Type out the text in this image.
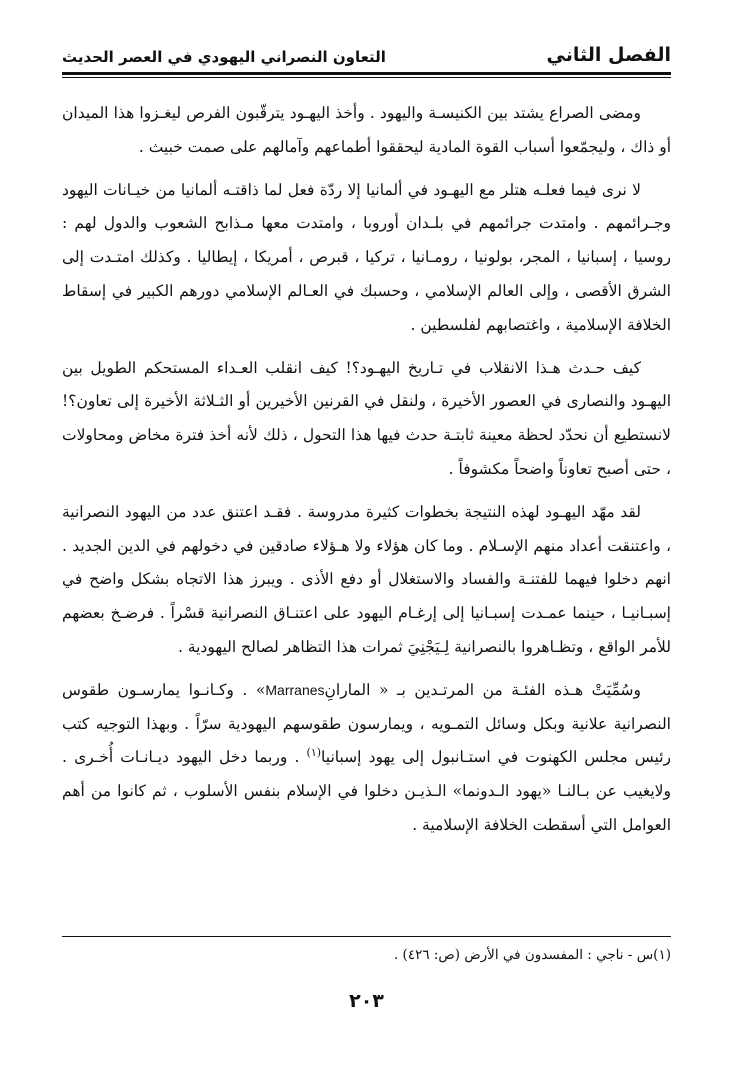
الفصل الثاني
التعاون النصراني اليهودي في العصر الحديث

ومضى الصراع يشتد بين الكنيسـة واليهود . وأخذ اليهـود يترقّبون الفرص ليغـزوا هذا الميدان أو ذاك ، وليجمّعوا أسباب القوة المادية ليحققوا أطماعهم وآمالهم على صمت خبيث .

لا نرى فيما فعلـه هتلر مع اليهـود في ألمانيا إلا ردّة فعل لما ذاقتـه ألمانيا من خيـانات اليهود وجـرائمهم . وامتدت جرائمهم في بلـدان أوروبا ، وامتدت معها مـذابح الشعوب والدول لهم : روسيا ، إسبانيا ، المجر، بولونيا ، رومـانيا ، تركيا ، قبرص ، أمريكا ، إيطاليا . وكذلك امتـدت إلى الشرق الأقصى ، وإلى العالم الإسلامي ، وحسبك في العـالم الإسلامي دورهم الكبير في إسقاط الخلافة الإسلامية ، واغتصابهم لفلسطين .

كيف حـدث هـذا الانقلاب في تـاريخ اليهـود؟! كيف انقلب العـداء المستحكم الطويل بين اليهـود والنصارى في العصور الأخيرة ، ولنقل في القرنين الأخيرين أو الثـلاثة الأخيرة إلى تعاون؟! لانستطيع أن نحدّد لحظة معينة ثابتـة حدث فيها هذا التحول ، ذلك لأنه أخذ فترة مخاض ومحاولات ، حتى أصبح تعاوناً واضحاً مكشوفاً .

لقد مهّد اليهـود لهذه النتيجة بخطوات كثيرة مدروسة . فقـد اعتنق عدد من اليهود النصرانية ، واعتنقت أعداد منهم الإسـلام . وما كان هؤلاء ولا هـؤلاء صادقين في دخولهم في الدين الجديد . انهم دخلوا فيهما للفتنـة والفساد والاستغلال أو دفع الأذى . ويبرز هذا الاتجاه بشكل واضح في إسبـانيـا ، حينما عمـدت إسبـانيا إلى إرغـام اليهود على اعتنـاق النصرانية قسْراً . فرضـخ بعضهم للأمر الواقع ، وتظـاهروا بالنصرانية لِـيَجْنِيَ ثمرات هذا التظاهر لصالح اليهودية .

وسُمِّيَتْ هـذه الفئـة من المرتـدين بـ « المارانِMarranes» . وكـانـوا يمارسـون طقوس النصرانية علانية وبكل وسائل التمـويه ، ويمارسون طقوسهم اليهودية سرّاً . وبهذا التوجيه كتب رئيس مجلس الكهنوت في استـانبول إلى يهود إسبانيا$^{(١)}$ . وربما دخل اليهود ديـانـات أُخـرى . ولايغيب عن بـالنـا «يهود الـدونما» الـذيـن دخلوا في الإسلام بنفس الأسلوب ، ثم كانوا من أهم العوامل التي أسقطت الخلافة الإسلامية .

(١)س - ناجي : المفسدون في الأرض (ص: ٤٢٦) .
٢٠٣
